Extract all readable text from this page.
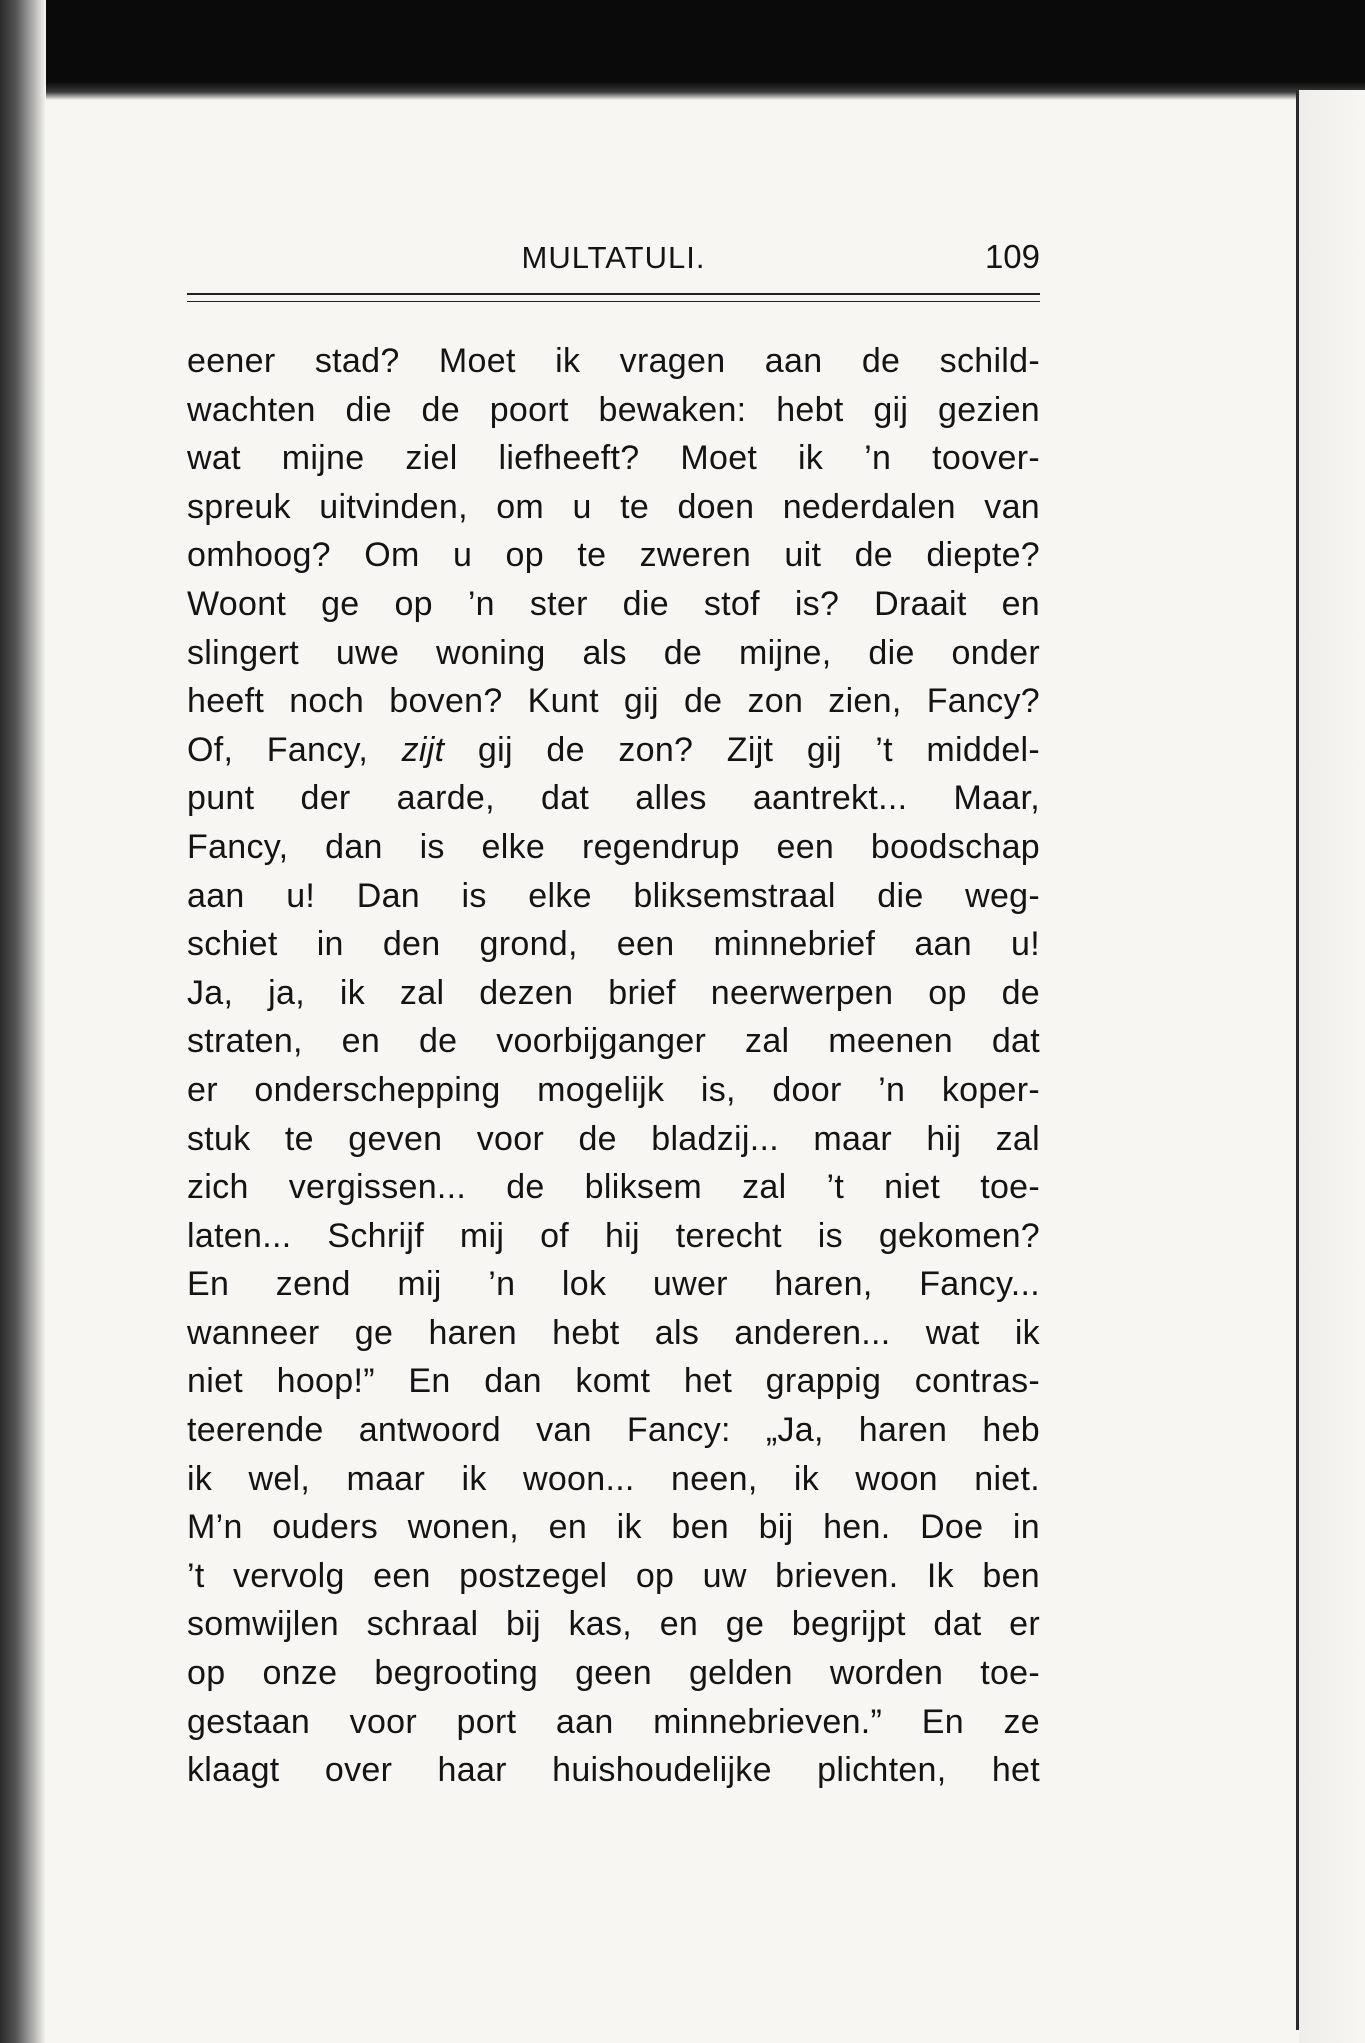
MULTATULI.	109
eener stad? Moet ik vragen aan de schild-
wachten die de poort bewaken: hebt gij gezien
wat mijne ziel liefheeft? Moet ik ’n toover-
spreuk uitvinden, om u te doen nederdalen van
omhoog? Om u op te zweren uit de diepte?
Woont ge op ’n ster die stof is? Draait en
slingert uwe woning als de mijne, die onder
heeft noch boven? Kunt gij de zon zien, Fancy?
Of, Fancy, zijt gij de zon? Zijt gij ’t middel-
punt der aarde, dat alles aantrekt... Maar,
Fancy, dan is elke regendrup een boodschap
aan u! Dan is elke bliksemstraal die weg-
schiet in den grond, een minnebrief aan u!
Ja, ja, ik zal dezen brief neerwerpen op de
straten, en de voorbijganger zal meenen dat
er onderschepping mogelijk is, door ’n koper-
stuk te geven voor de bladzij... maar hij zal
zich vergissen... de bliksem zal ’t niet toe-
laten... Schrijf mij of hij terecht is gekomen?
En zend mij ’n lok uwer haren, Fancy...
wanneer ge haren hebt als anderen... wat ik
niet hoop!” En dan komt het grappig contras-
teerende antwoord van Fancy: „Ja, haren heb
ik wel, maar ik woon... neen, ik woon niet.
M’n ouders wonen, en ik ben bij hen. Doe in
’t vervolg een postzegel op uw brieven. Ik ben
somwijlen schraal bij kas, en ge begrijpt dat er
op onze begrooting geen gelden worden toe-
gestaan voor port aan minnebrieven.” En ze
klaagt over haar huishoudelijke plichten, het
